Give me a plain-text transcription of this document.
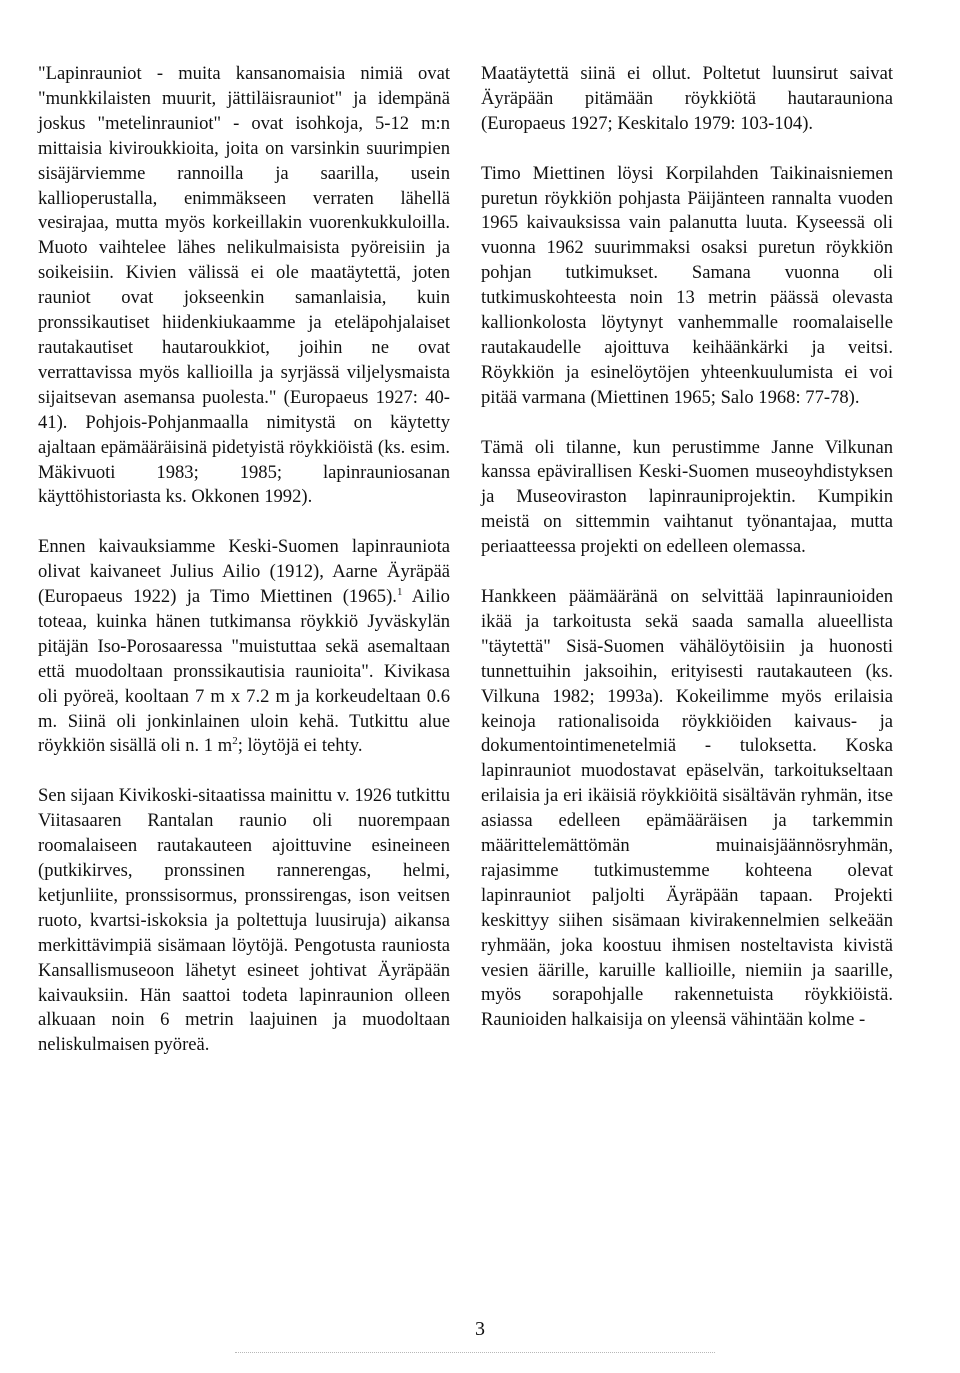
"Lapinrauniot - muita kansanomaisia nimiä ovat "munkkilaisten muurit, jättiläisrauniot" ja idempänä joskus "metelinrauniot" - ovat isohkoja, 5-12 m:n mittaisia kiviroukkioita, joita on varsinkin suurimpien sisäjärviemme rannoilla ja saarilla, usein kallioperustalla, enimmäkseen verraten lähellä vesirajaa, mutta myös korkeillakin vuorenkukkuloilla. Muoto vaihtelee lähes nelikulmaisista pyöreisiin ja soikeisiin. Kivien välissä ei ole maatäytettä, joten rauniot ovat jokseenkin samanlaisia, kuin pronssikautiset hiidenkiukaamme ja eteläpohjalaiset rautakautiset hautaroukkiot, joihin ne ovat verrattavissa myös kallioilla ja syrjässä viljelysmaista sijaitsevan asemansa puolesta." (Europaeus 1927: 40-41). Pohjois-Pohjanmaalla nimitystä on käytetty ajaltaan epämääräisinä pidetyistä röykkiöistä (ks. esim. Mäkivuoti 1983; 1985; lapinrauniosanan käyttöhistoriasta ks. Okkonen 1992).

Ennen kaivauksiamme Keski-Suomen lapinrauniota olivat kaivaneet Julius Ailio (1912), Aarne Äyräpää (Europaeus 1922) ja Timo Miettinen (1965).$^1$ Ailio toteaa, kuinka hänen tutkimansa röykkiö Jyväskylän pitäjän Iso-Porosaaressa "muistuttaa sekä asemaltaan että muodoltaan pronssikautisia raunioita". Kivikasa oli pyöreä, kooltaan 7 m x 7.2 m ja korkeudeltaan 0.6 m. Siinä oli jonkinlainen uloin kehä. Tutkittu alue röykkiön sisällä oli n. 1 $m^2$; löytöjä ei tehty.

Sen sijaan Kivikoski-sitaatissa mainittu v. 1926 tutkittu Viitasaaren Rantalan raunio oli nuorempaan roomalaiseen rautakauteen ajoittuvine esineineen (putkikirves, pronssinen rannerengas, helmi, ketjunliite, pronssisormus, pronssirengas, ison veitsen ruoto, kvartsi-iskoksia ja poltettuja luusiruja) aikansa merkittävimpiä sisämaan löytöjä. Pengotusta rauniosta Kansallismuseoon lähetyt esineet johtivat Äyräpään kaivauksiin. Hän saattoi todeta lapinraunion olleen alkuaan noin 6 metrin laajuinen ja muodoltaan neliskulmaisen pyöreä.

Maatäytettä siinä ei ollut. Poltetut luunsirut saivat Äyräpään pitämään röykkiötä hautarauniona (Europaeus 1927; Keskitalo 1979: 103-104).

Timo Miettinen löysi Korpilahden Taikinaisniemen puretun röykkiön pohjasta Päijänteen rannalta vuoden 1965 kaivauksissa vain palanutta luuta. Kyseessä oli vuonna 1962 suurimmaksi osaksi puretun röykkiön pohjan tutkimukset. Samana vuonna oli tutkimuskohteesta noin 13 metrin päässä olevasta kallionkolosta löytynyt vanhemmalle roomalaiselle rautakaudelle ajoittuva keihäänkärki ja veitsi. Röykkiön ja esinelöytöjen yhteenkuulumista ei voi pitää varmana (Miettinen 1965; Salo 1968: 77-78).

Tämä oli tilanne, kun perustimme Janne Vilkunan kanssa epävirallisen Keski-Suomen museoyhdistyksen ja Museoviraston lapinrauniprojektin. Kumpikin meistä on sittemmin vaihtanut työnantajaa, mutta periaatteessa projekti on edelleen olemassa.

Hankkeen päämääränä on selvittää lapinraunioiden ikää ja tarkoitusta sekä saada samalla alueellista "täytettä" Sisä-Suomen vähälöytöisiin ja huonosti tunnettuihin jaksoihin, erityisesti rautakauteen (ks. Vilkuna 1982; 1993a). Kokeilimme myös erilaisia keinoja rationalisoida röykkiöiden kaivaus- ja dokumentointimenetelmiä - tuloksetta. Koska lapinrauniot muodostavat epäselvän, tarkoitukseltaan erilaisia ja eri ikäisiä röykkiöitä sisältävän ryhmän, itse asiassa edelleen epämääräisen ja tarkemmin määrittelemättömän muinaisjäännösryhmän, rajasimme tutkimustemme kohteena olevat lapinrauniot paljolti Äyräpään tapaan. Projekti keskittyy siihen sisämaan kivirakennelmien selkeään ryhmään, joka koostuu ihmisen nosteltavista kivistä vesien äärille, karuille kallioille, niemiin ja saarille, myös sorapohjalle rakennetuista röykkiöistä. Raunioiden halkaisija on yleensä vähintään kolme -

3
